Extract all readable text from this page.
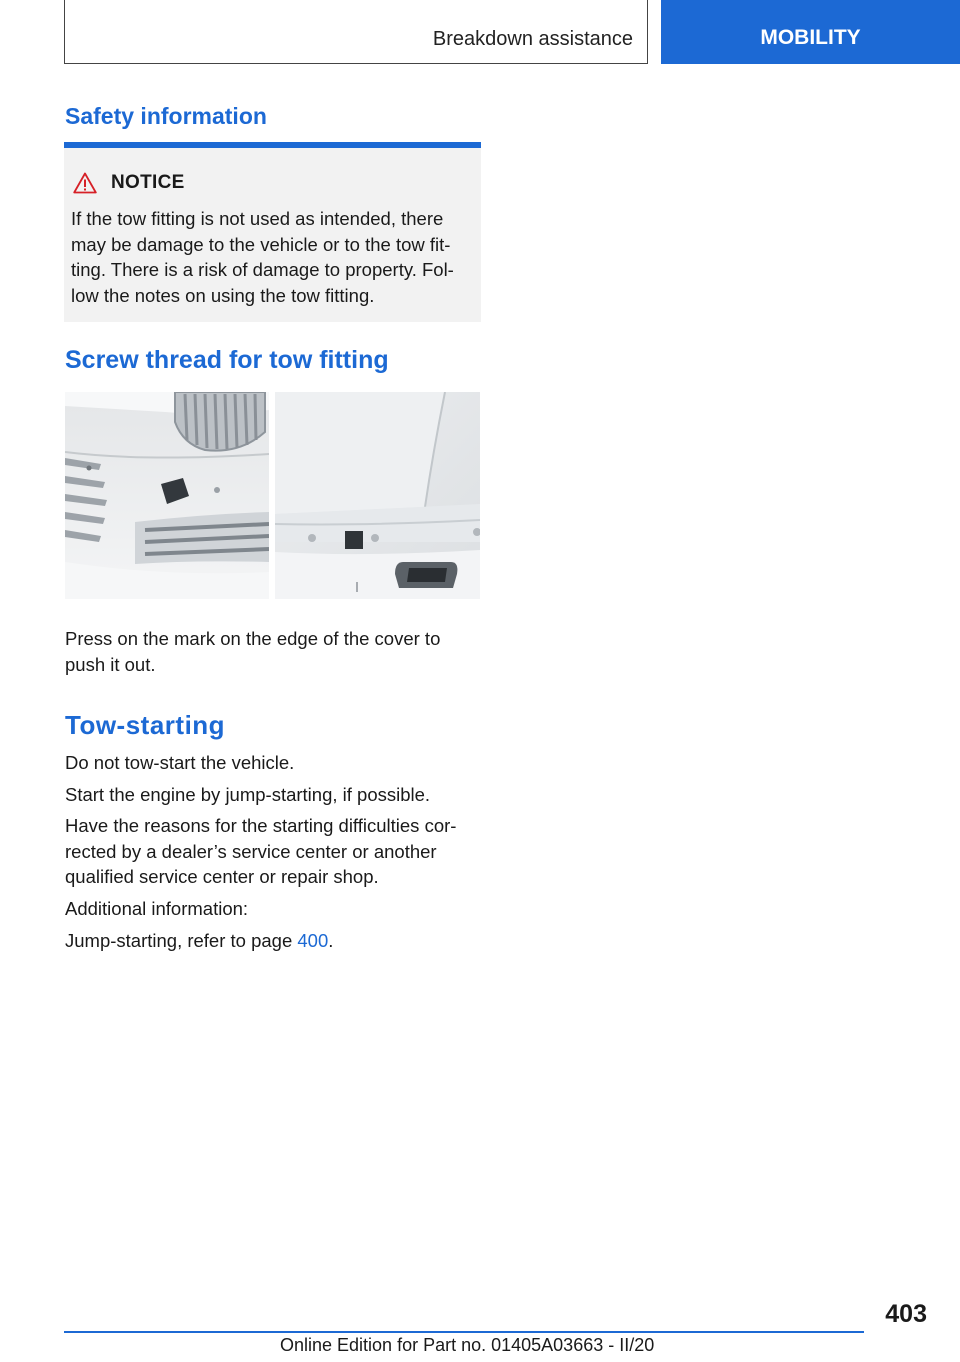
Breakdown assistance	MOBILITY
Safety information
NOTICE

If the tow fitting is not used as intended, there may be damage to the vehicle or to the tow fit- ting. There is a risk of damage to property. Fol- low the notes on using the tow fitting.

Screw thread for tow fitting

Press on the mark on the edge of the cover to push it out.

Tow-starting

Do not tow-start the vehicle.

Start the engine by jump-starting, if possible.

Have the reasons for the starting difficulties cor- rected by a dealer’s service center or another qualified service center or repair shop.

Additional information:

Jump-starting, refer to page 400.

403
Online Edition for Part no. 01405A03663 - II/20
